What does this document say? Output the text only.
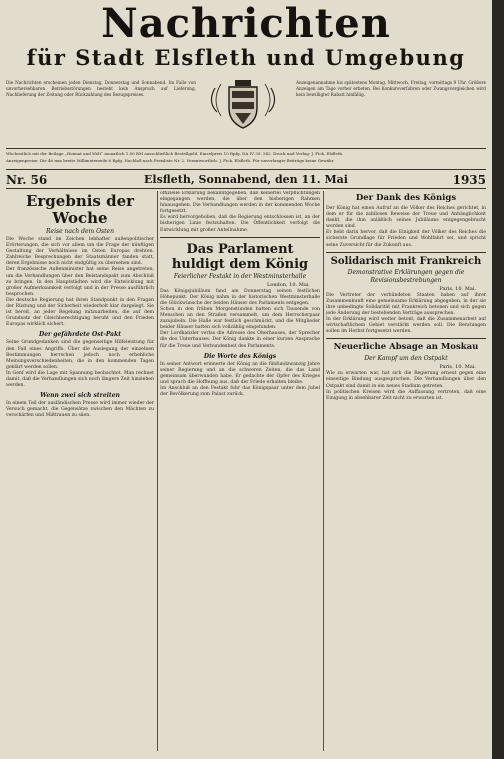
Nachrichten
für Stadt Elsfleth und Umgebung
Die Nachrichten erscheinen jeden Dienstag, Donnerstag und Sonnabend. Im Falle von unvorhersehbaren Betriebsstörungen besteht kein Anspruch auf Lieferung, Nachlieferung der Zeitung oder Rückzahlung des Bezugspreises.
Anzeigenannahme bis spätestens Montag, Mittwoch, Freitag, vormittags 9 Uhr. Größere Anzeigen am Tage vorher erbeten. Bei Konkursverfahren oder Zwangsvergleichen wird kein bewilligter Rabatt hinfällig.
Wöchentlich mit der Beilage „Heimat und Welt“ monatlich 1.00 RM ausschließlich Bestellgeld, Einzelpreis 10 Rpfg. DA IV 35: 542. Druck und Verlag: J. Fick, Elsfleth.
Anzeigenpreise: Die 46 mm breite Millimeterzeile 6 Rpfg. Nachlaß nach Preisliste Nr. 2. Verantwortlich: J. Fick, Elsfleth. Für unverlangte Beiträge keine Gewähr.
Nr. 56	Elsfleth, Sonnabend, den 11. Mai	1935
Ergebnis der Woche
Reise nach dem Osten

Die Woche stand im Zeichen lebhafter außenpolitischer Erörterungen, die sich vor allem um die Frage der künftigen Gestaltung der Verhältnisse im Osten Europas drehten. Zahlreiche Besprechungen der Staatsmänner fanden statt, deren Ergebnisse noch nicht endgültig zu übersehen sind.

Der französische Außenminister hat seine Reise angetreten, um die Verhandlungen über den Beistandspakt zum Abschluß zu bringen. In den Hauptstädten wird die Entwicklung mit großer Aufmerksamkeit verfolgt und in der Presse ausführlich besprochen.

Die deutsche Regierung hat ihren Standpunkt in den Fragen der Rüstung und der Sicherheit wiederholt klar dargelegt. Sie ist bereit, an jeder Regelung mitzuarbeiten, die auf dem Grundsatz der Gleichberechtigung beruht und den Frieden Europas wirklich sichert.

Der gefährdete Ost-Pakt

Seine Grundgedanken sind die gegenseitige Hilfeleistung für den Fall eines Angriffs. Über die Auslegung der einzelnen Bestimmungen herrschen jedoch noch erhebliche Meinungsverschiedenheiten, die in den kommenden Tagen geklärt werden sollen.

In Genf wird die Lage mit Spannung beobachtet. Man rechnet damit, daß die Verhandlungen sich noch längere Zeit hinziehen werden.

Wenn zwei sich streiten

In einem Teil der ausländischen Presse wird immer wieder der Versuch gemacht, die Gegensätze zwischen den Mächten zu verschärfen und Mißtrauen zu säen.

offizielle Erklärung bekanntgegeben, daß keinerlei Verpflichtungen eingegangen werden, die über den bisherigen Rahmen hinausgehen. Die Verhandlungen werden in der kommenden Woche fortgesetzt.

Es wird hervorgehoben, daß die Regierung entschlossen ist, an der bisherigen Linie festzuhalten. Die Öffentlichkeit verfolgt die Entwicklung mit großer Anteilnahme.

Das Parlament huldigt dem König
Feierlicher Festakt in der Westminsterhalle
London, 10. Mai.

Das Königsjubiläum fand am Donnerstag seinen festlichen Höhepunkt. Der König nahm in der historischen Westminsterhalle die Glückwünsche der beiden Häuser des Parlaments entgegen.

Schon in den frühen Morgenstunden hatten sich Tausende von Menschen an den Straßen versammelt, um dem Herrscherpaar zuzujubeln. Die Halle war festlich geschmückt, und die Mitglieder beider Häuser hatten sich vollzählig eingefunden.

Der Lordkanzler verlas die Adresse des Oberhauses, der Sprecher die des Unterhauses. Der König dankte in einer kurzen Ansprache für die Treue und Verbundenheit des Parlaments.

Die Worte des Königs

In seiner Antwort erinnerte der König an die fünfundzwanzig Jahre seiner Regierung und an die schweren Zeiten, die das Land gemeinsam überwunden habe. Er gedachte der Opfer des Krieges und sprach die Hoffnung aus, daß der Friede erhalten bleibe.

Im Anschluß an den Festakt fuhr das Königspaar unter dem Jubel der Bevölkerung zum Palast zurück.

Der Dank des Königs

Der König hat einen Aufruf an die Völker des Reiches gerichtet, in dem er für die zahllosen Beweise der Treue und Anhänglichkeit dankt, die ihm anläßlich seines Jubiläums entgegengebracht worden sind.

Er hebt darin hervor, daß die Einigkeit der Völker des Reiches die sicherste Grundlage für Frieden und Wohlfahrt sei, und spricht seine Zuversicht für die Zukunft aus.

Solidarisch mit Frankreich
Demonstrative Erklärungen gegen die Revisionsbestrebungen
Paris, 10. Mai.

Die Vertreter der verbündeten Staaten haben auf ihrer Zusammenkunft eine gemeinsame Erklärung abgegeben, in der sie ihre unbedingte Solidarität mit Frankreich betonen und sich gegen jede Änderung der bestehenden Verträge aussprechen.

In der Erklärung wird weiter betont, daß die Zusammenarbeit auf wirtschaftlichem Gebiet verstärkt werden soll. Die Beratungen sollen im Herbst fortgesetzt werden.

Neuerliche Absage an Moskau
Der Kampf um den Ostpakt
Paris, 10. Mai.

Wie zu erwarten war, hat sich die Regierung erneut gegen eine einseitige Bindung ausgesprochen. Die Verhandlungen über den Ostpakt sind damit in ein neues Stadium getreten.

In politischen Kreisen wird die Auffassung vertreten, daß eine Einigung in absehbarer Zeit nicht zu erwarten ist.
